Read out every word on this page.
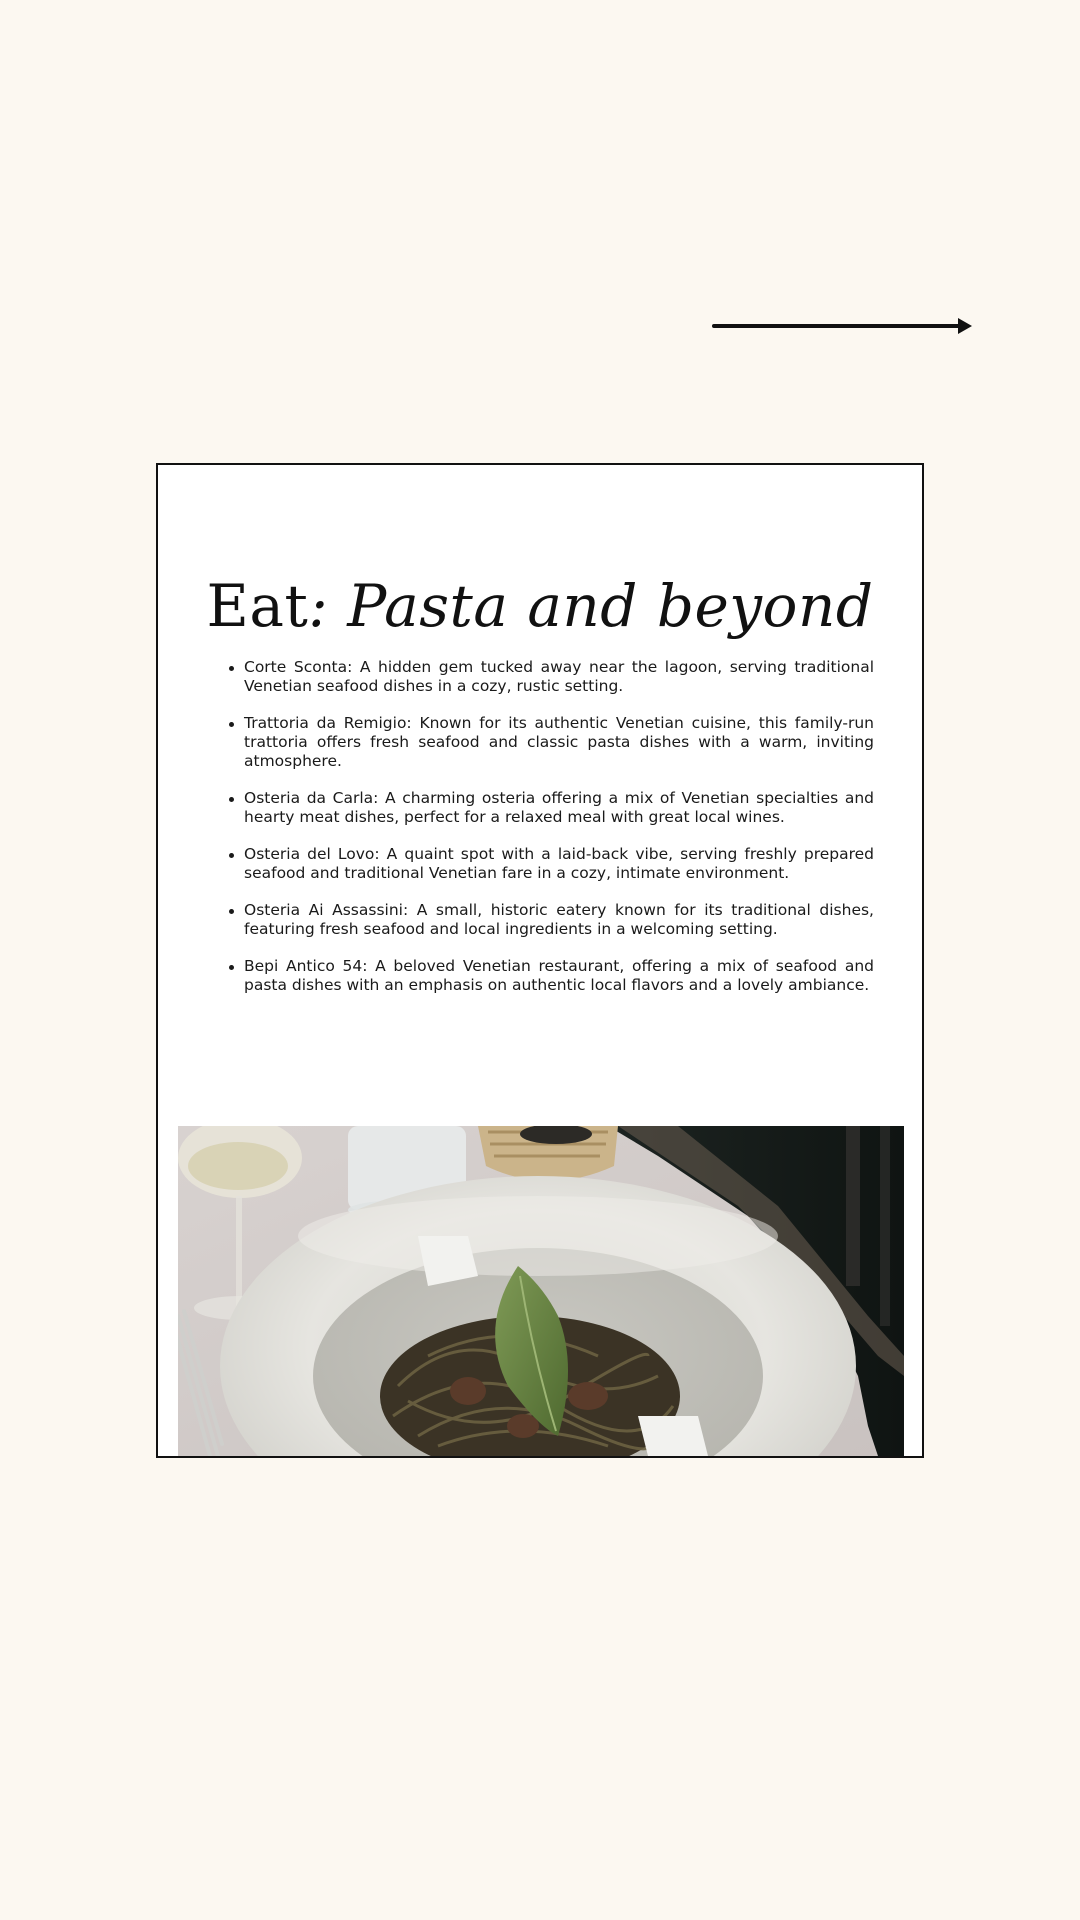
Eat: Pasta and beyond
Corte Sconta: A hidden gem tucked away near the lagoon, serving traditional Venetian seafood dishes in a cozy, rustic setting.
Trattoria da Remigio: Known for its authentic Venetian cuisine, this family-run trattoria offers fresh seafood and classic pasta dishes with a warm, inviting atmosphere.
Osteria da Carla: A charming osteria offering a mix of Venetian specialties and hearty meat dishes, perfect for a relaxed meal with great local wines.
Osteria del Lovo: A quaint spot with a laid-back vibe, serving freshly prepared seafood and traditional Venetian fare in a cozy, intimate environment.
Osteria Ai Assassini: A small, historic eatery known for its traditional dishes, featuring fresh seafood and local ingredients in a welcoming setting.
Bepi Antico 54: A beloved Venetian restaurant, offering a mix of seafood and pasta dishes with an emphasis on authentic local flavors and a lovely ambiance.
